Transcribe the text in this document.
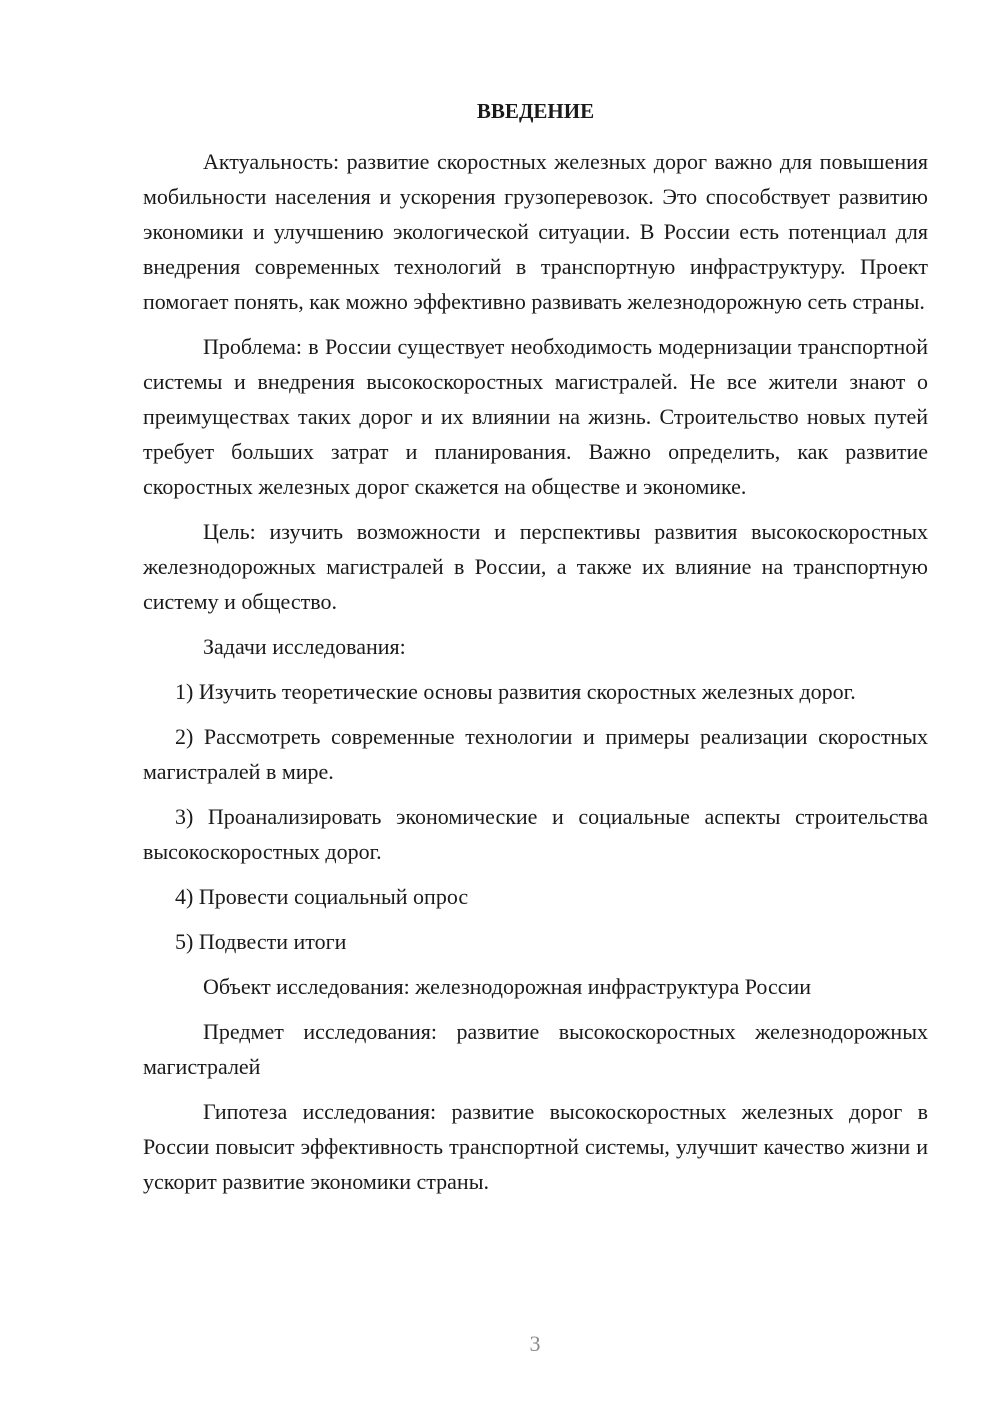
ВВЕДЕНИЕ

Актуальность: развитие скоростных железных дорог важно для повышения мобильности населения и ускорения грузоперевозок. Это способствует развитию экономики и улучшению экологической ситуации. В России есть потенциал для внедрения современных технологий в транспортную инфраструктуру. Проект помогает понять, как можно эффективно развивать железнодорожную сеть страны.

Проблема: в России существует необходимость модернизации транспортной системы и внедрения высокоскоростных магистралей. Не все жители знают о преимуществах таких дорог и их влиянии на жизнь. Строительство новых путей требует больших затрат и планирования. Важно определить, как развитие скоростных железных дорог скажется на обществе и экономике.

Цель: изучить возможности и перспективы развития высокоскоростных железнодорожных магистралей в России, а также их влияние на транспортную систему и общество.

Задачи исследования:

1) Изучить теоретические основы развития скоростных железных дорог.

2) Рассмотреть современные технологии и примеры реализации скоростных магистралей в мире.

3) Проанализировать экономические и социальные аспекты строительства высокоскоростных дорог.

4) Провести социальный опрос

5) Подвести итоги

Объект исследования: железнодорожная инфраструктура России

Предмет исследования: развитие высокоскоростных железнодорожных магистралей

Гипотеза исследования: развитие высокоскоростных железных дорог в России повысит эффективность транспортной системы, улучшит качество жизни и ускорит развитие экономики страны.

3
